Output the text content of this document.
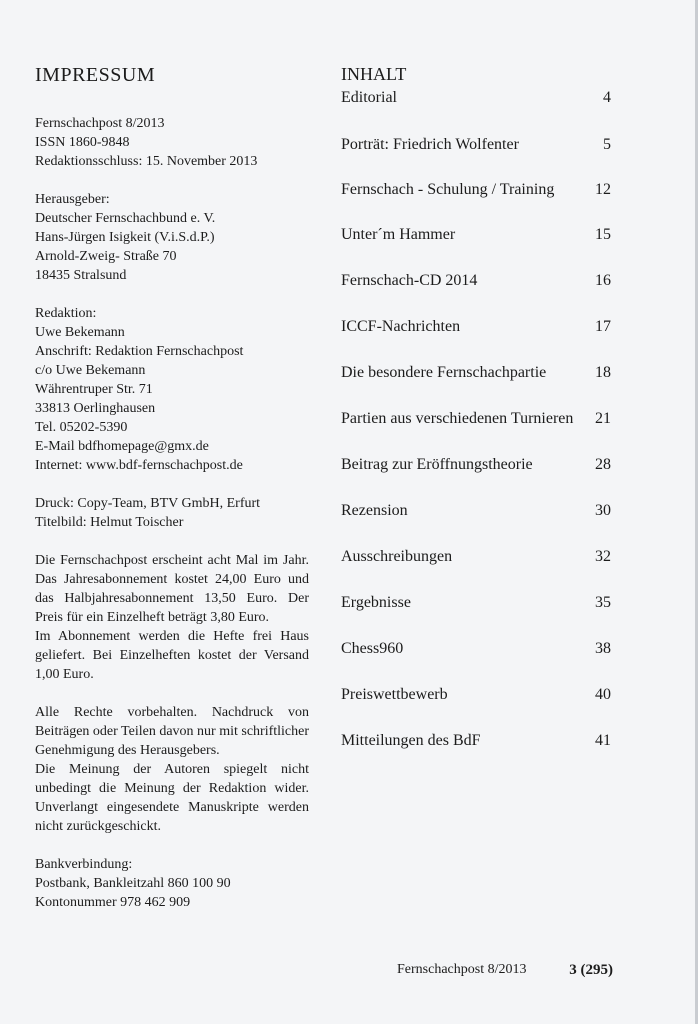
IMPRESSUM
Fernschachpost 8/2013
ISSN 1860-9848
Redaktionsschluss: 15. November 2013
Herausgeber:
Deutscher Fernschachbund e. V.
Hans-Jürgen Isigkeit (V.i.S.d.P.)
Arnold-Zweig- Straße 70
18435 Stralsund
Redaktion:
Uwe Bekemann
Anschrift: Redaktion Fernschachpost
c/o Uwe Bekemann
Währentruper Str. 71
33813 Oerlinghausen
Tel. 05202-5390
E-Mail bdfhomepage@gmx.de
Internet: www.bdf-fernschachpost.de
Druck: Copy-Team, BTV GmbH, Erfurt
Titelbild: Helmut Toischer
Die Fernschachpost erscheint acht Mal im Jahr. Das Jahresabonnement kostet 24,00 Euro und das Halbjahresabonnement 13,50 Euro. Der Preis für ein Einzelheft beträgt 3,80 Euro.
Im Abonnement werden die Hefte frei Haus geliefert. Bei Einzelheften kostet der Versand 1,00 Euro.
Alle Rechte vorbehalten. Nachdruck von Beiträgen oder Teilen davon nur mit schriftlicher Genehmigung des Herausgebers.
Die Meinung der Autoren spiegelt nicht unbedingt die Meinung der Redaktion wider. Unverlangt eingesendete Manuskripte werden nicht zurückgeschickt.
Bankverbindung:
Postbank, Bankleitzahl 860 100 90
Kontonummer 978 462 909
INHALT
Editorial	4
Porträt: Friedrich Wolfenter	5
Fernschach - Schulung / Training	12
Unter´m Hammer	15
Fernschach-CD 2014	16
ICCF-Nachrichten	17
Die besondere Fernschachpartie	18
Partien aus verschiedenen Turnieren 21
Beitrag zur Eröffnungstheorie	28
Rezension	30
Ausschreibungen	32
Ergebnisse	35
Chess960	38
Preiswettbewerb	40
Mitteilungen des BdF	41
Fernschachpost 8/2013	3 (295)
